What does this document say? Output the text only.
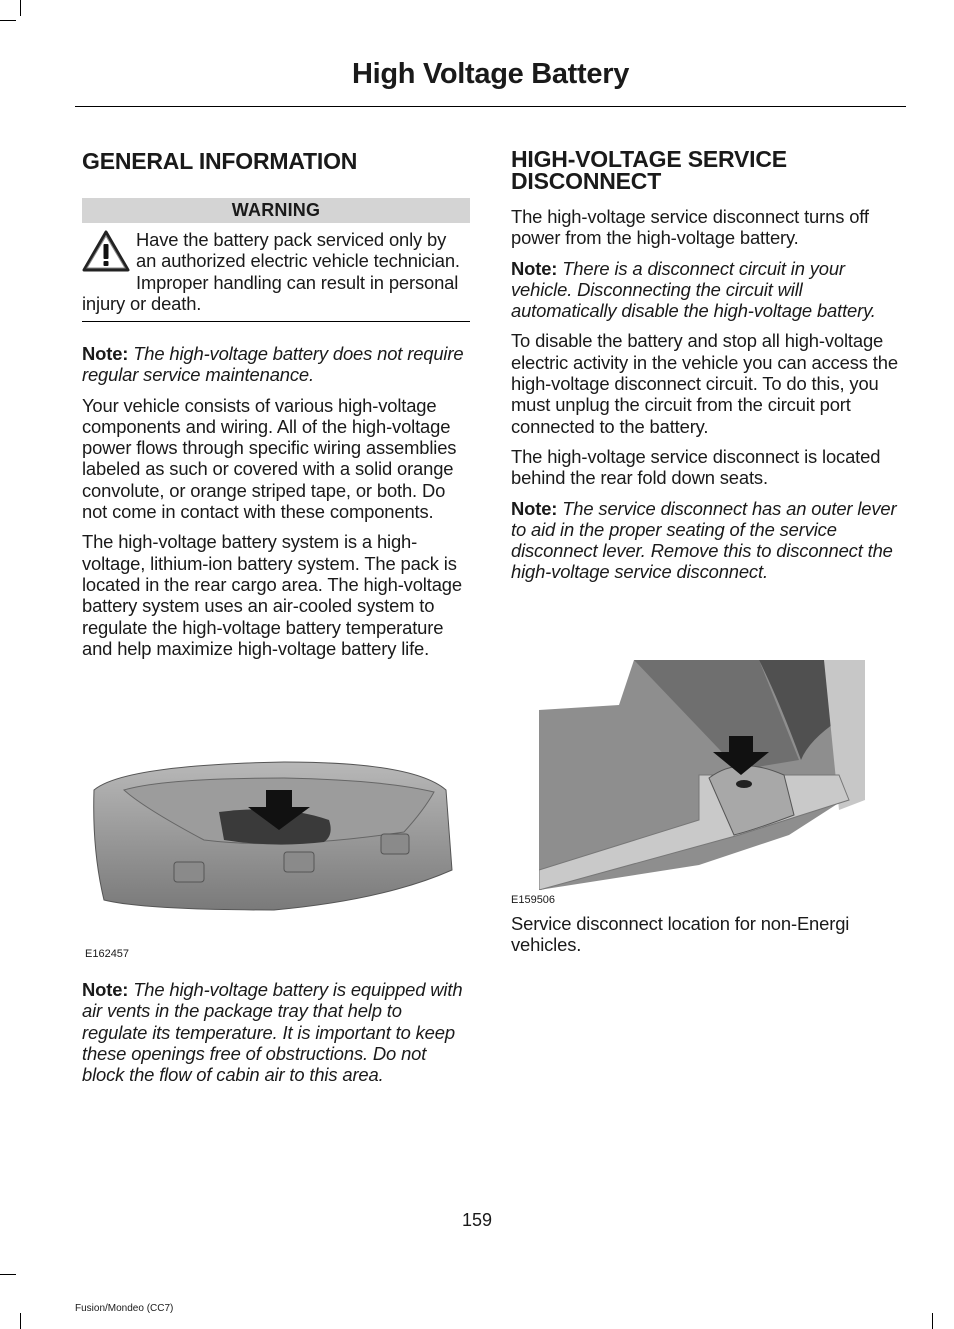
High Voltage Battery
GENERAL INFORMATION
WARNING
Have the battery pack serviced only by an authorized electric vehicle technician. Improper handling can result in personal injury or death.

Note: The high-voltage battery does not require regular service maintenance.

Your vehicle consists of various high-voltage components and wiring. All of the high-voltage power flows through specific wiring assemblies labeled as such or covered with a solid orange convolute, or orange striped tape, or both. Do not come in contact with these components.

The high-voltage battery system is a high-voltage, lithium-ion battery system. The pack is located in the rear cargo area. The high-voltage battery system uses an air-cooled system to regulate the high-voltage battery temperature and help maximize high-voltage battery life.

E162457

Note: The high-voltage battery is equipped with air vents in the package tray that help to regulate its temperature. It is important to keep these openings free of obstructions. Do not block the flow of cabin air to this area.

HIGH-VOLTAGE SERVICE
DISCONNECT

The high-voltage service disconnect turns off power from the high-voltage battery.

Note: There is a disconnect circuit in your vehicle. Disconnecting the circuit will automatically disable the high-voltage battery.

To disable the battery and stop all high-voltage electric activity in the vehicle you can access the high-voltage disconnect circuit. To do this, you must unplug the circuit from the circuit port connected to the battery.

The high-voltage service disconnect is located behind the rear fold down seats.

Note: The service disconnect has an outer lever to aid in the proper seating of the service disconnect lever. Remove this to disconnect the high-voltage service disconnect.

E159506

Service disconnect location for non-Energi vehicles.

159
Fusion/Mondeo (CC7)
